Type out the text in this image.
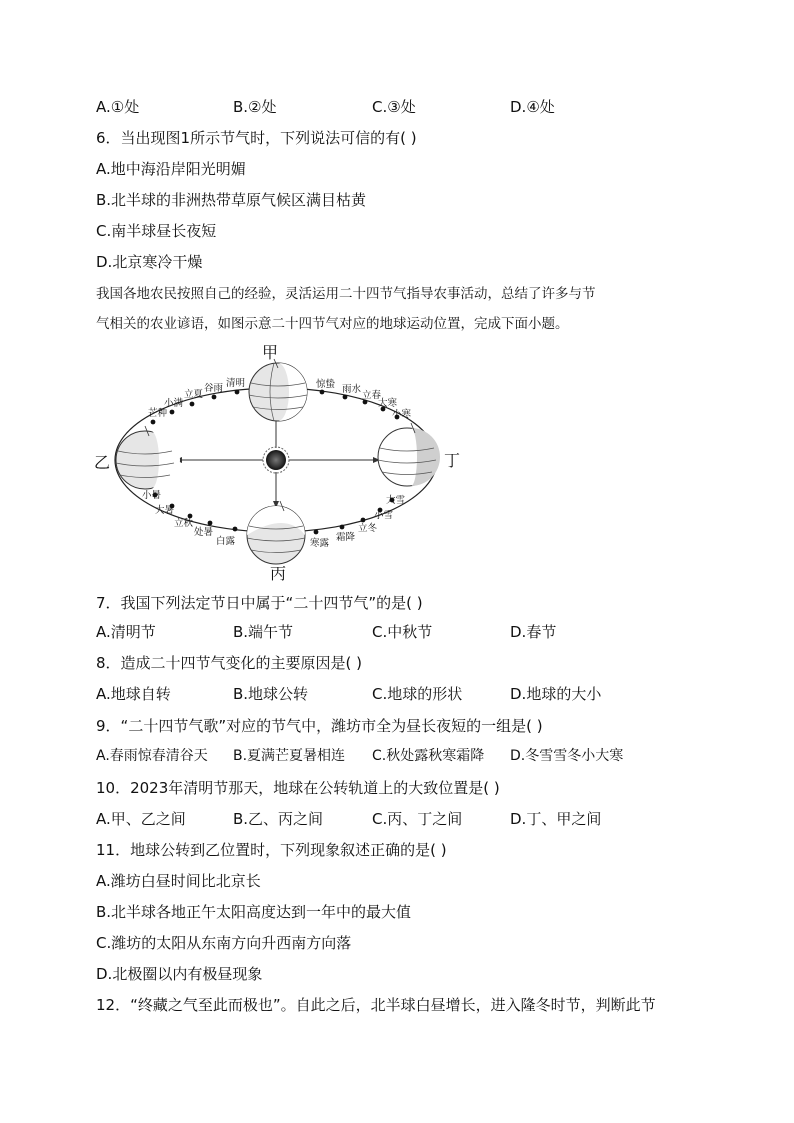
A.①处	B.②处	C.③处	D.④处
6．当出现图1所示节气时，下列说法可信的有( )
A.地中海沿岸阳光明媚
B.北半球的非洲热带草原气候区满目枯黄
C.南半球昼长夜短
D.北京寒冷干燥
我国各地农民按照自己的经验，灵活运用二十四节气指导农事活动，总结了许多与节
气相关的农业谚语，如图示意二十四节气对应的地球运动位置，完成下面小题。
芒种
小满
立夏
谷雨 清明	惊蛰 雨水
立春
大寒
小寒
小暑
大暑
立秋
处暑
白露	寒露
霜降
立冬
小雪
大雪
甲
乙
丙
丁
7．我国下列法定节日中属于“二十四节气”的是( )
A.清明节	B.端午节	C.中秋节	D.春节
8．造成二十四节气变化的主要原因是( )
A.地球自转	B.地球公转	C.地球的形状	D.地球的大小
9．“二十四节气歌”对应的节气中，潍坊市全为昼长夜短的一组是( )
A.春雨惊春清谷天 B.夏满芒夏暑相连 C.秋处露秋寒霜降 D.冬雪雪冬小大寒
10．2023年清明节那天，地球在公转轨道上的大致位置是( )
A.甲、乙之间	B.乙、丙之间	C.丙、丁之间	D.丁、甲之间
11．地球公转到乙位置时，下列现象叙述正确的是( )
A.潍坊白昼时间比北京长
B.北半球各地正午太阳高度达到一年中的最大值
C.潍坊的太阳从东南方向升西南方向落
D.北极圈以内有极昼现象
12．“终藏之气至此而极也”。自此之后，北半球白昼增长，进入隆冬时节，判断此节
